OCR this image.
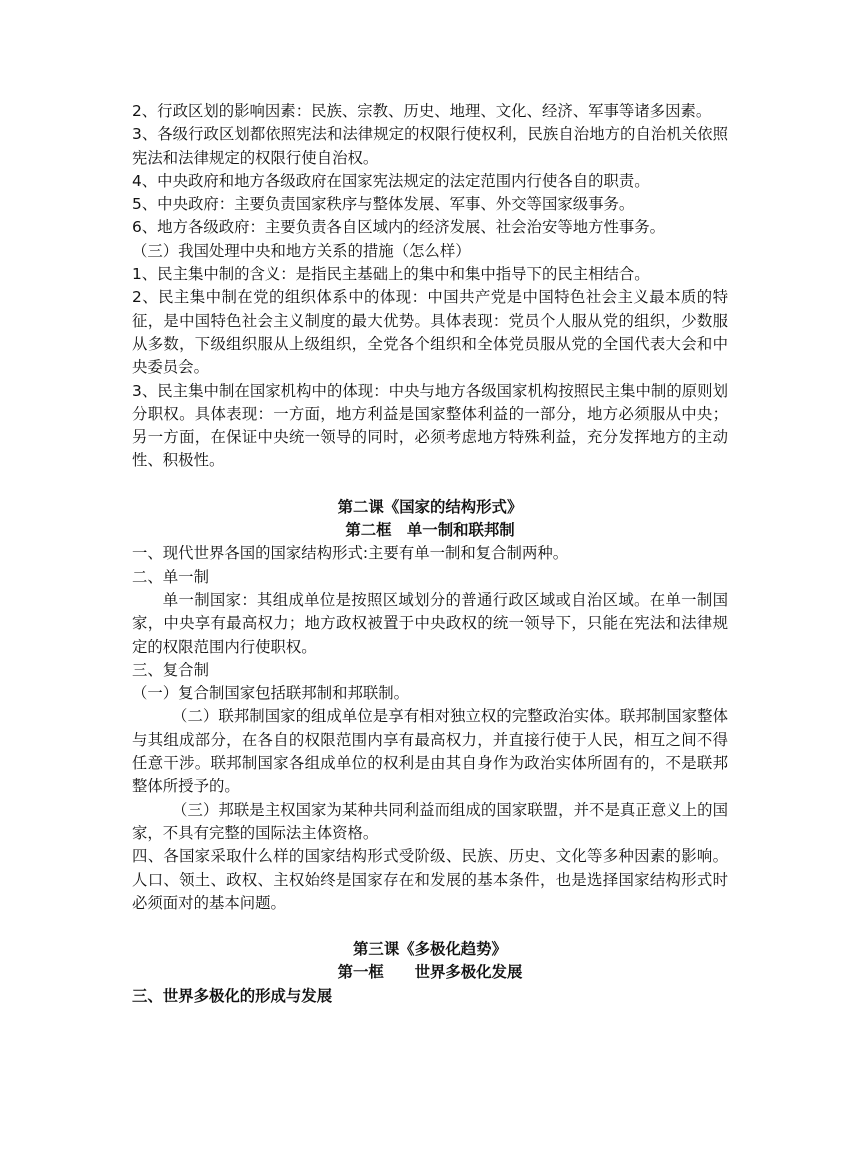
2、行政区划的影响因素：民族、宗教、历史、地理、文化、经济、军事等诸多因素。

3、各级行政区划都依照宪法和法律规定的权限行使权利，民族自治地方的自治机关依照宪法和法律规定的权限行使自治权。

4、中央政府和地方各级政府在国家宪法规定的法定范围内行使各自的职责。

5、中央政府：主要负责国家秩序与整体发展、军事、外交等国家级事务。

6、地方各级政府：主要负责各自区域内的经济发展、社会治安等地方性事务。

（三）我国处理中央和地方关系的措施（怎么样）

1、民主集中制的含义：是指民主基础上的集中和集中指导下的民主相结合。

2、民主集中制在党的组织体系中的体现：中国共产党是中国特色社会主义最本质的特征，是中国特色社会主义制度的最大优势。具体表现：党员个人服从党的组织，少数服从多数，下级组织服从上级组织，全党各个组织和全体党员服从党的全国代表大会和中央委员会。

3、民主集中制在国家机构中的体现：中央与地方各级国家机构按照民主集中制的原则划分职权。具体表现：一方面，地方利益是国家整体利益的一部分，地方必须服从中央；另一方面，在保证中央统一领导的同时，必须考虑地方特殊利益，充分发挥地方的主动性、积极性。

第二课《国家的结构形式》

第二框　单一制和联邦制

一、现代世界各国的国家结构形式:主要有单一制和复合制两种。

二、单一制

单一制国家：其组成单位是按照区域划分的普通行政区域或自治区域。在单一制国家，中央享有最高权力；地方政权被置于中央政权的统一领导下，只能在宪法和法律规定的权限范围内行使职权。

三、复合制

（一）复合制国家包括联邦制和邦联制。

（二）联邦制国家的组成单位是享有相对独立权的完整政治实体。联邦制国家整体与其组成部分，在各自的权限范围内享有最高权力，并直接行使于人民，相互之间不得任意干涉。联邦制国家各组成单位的权利是由其自身作为政治实体所固有的，不是联邦整体所授予的。

（三）邦联是主权国家为某种共同利益而组成的国家联盟，并不是真正意义上的国家，不具有完整的国际法主体资格。

四、各国家采取什么样的国家结构形式受阶级、民族、历史、文化等多种因素的影响。人口、领土、政权、主权始终是国家存在和发展的基本条件，也是选择国家结构形式时必须面对的基本问题。

第三课《多极化趋势》

第一框　　世界多极化发展

三、世界多极化的形成与发展
